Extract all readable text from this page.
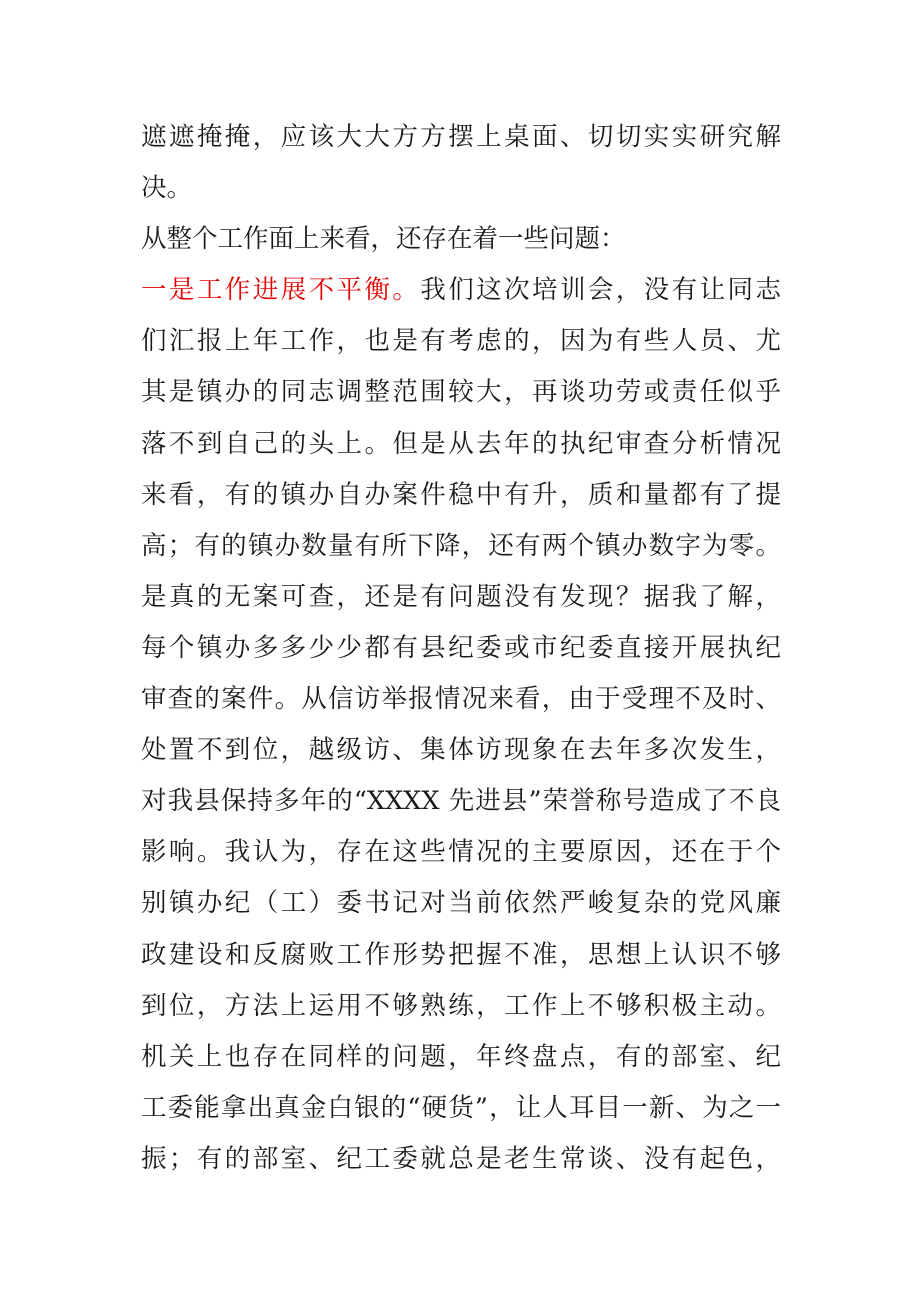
遮遮掩掩，应该大大方方摆上桌面、切切实实研究解
决。
从整个工作面上来看，还存在着一些问题：
一是工作进展不平衡。我们这次培训会，没有让同志
们汇报上年工作，也是有考虑的，因为有些人员、尤
其是镇办的同志调整范围较大，再谈功劳或责任似乎
落不到自己的头上。但是从去年的执纪审查分析情况
来看，有的镇办自办案件稳中有升，质和量都有了提
高；有的镇办数量有所下降，还有两个镇办数字为零。
是真的无案可查，还是有问题没有发现？据我了解，
每个镇办多多少少都有县纪委或市纪委直接开展执纪
审查的案件。从信访举报情况来看，由于受理不及时、
处置不到位，越级访、集体访现象在去年多次发生，
对我县保持多年的“XXXX 先进县”荣誉称号造成了不良
影响。我认为，存在这些情况的主要原因，还在于个
别镇办纪（工）委书记对当前依然严峻复杂的党风廉
政建设和反腐败工作形势把握不准，思想上认识不够
到位，方法上运用不够熟练，工作上不够积极主动。
机关上也存在同样的问题，年终盘点，有的部室、纪
工委能拿出真金白银的“硬货”，让人耳目一新、为之一
振；有的部室、纪工委就总是老生常谈、没有起色，
